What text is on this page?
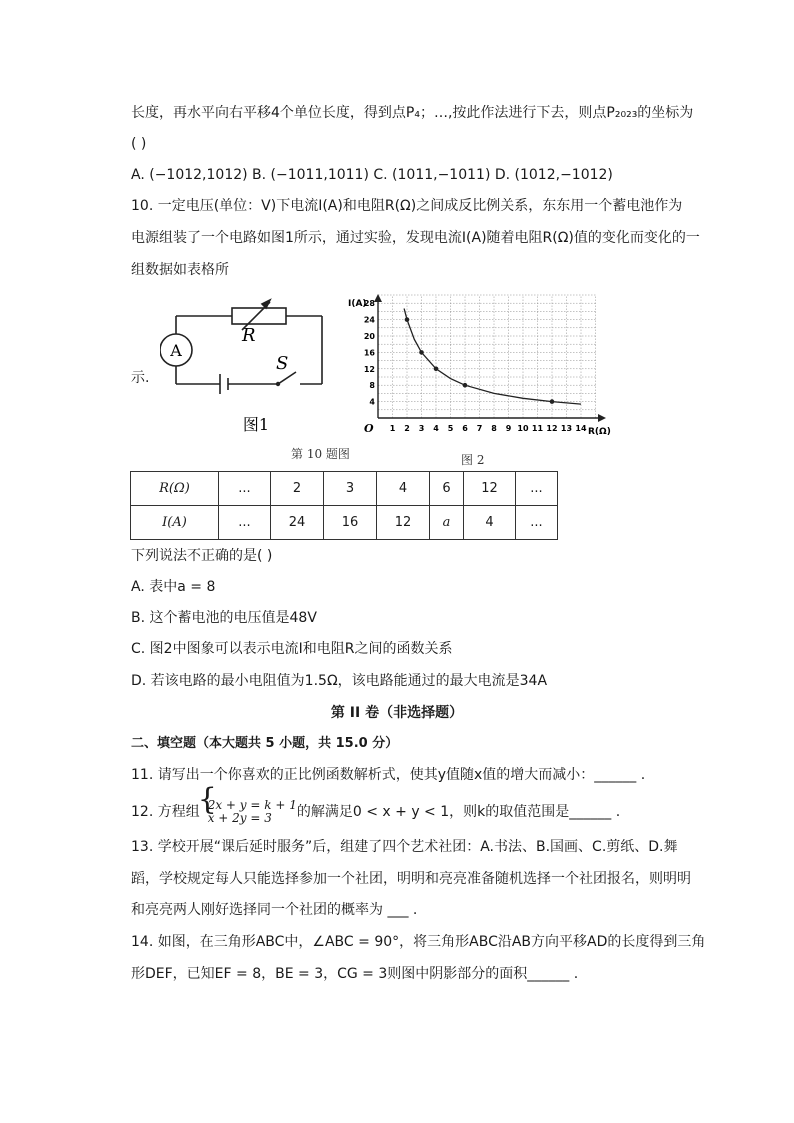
长度，再水平向右平移4个单位长度，得到点P₄；…,按此作法进行下去，则点P₂₀₂₃的坐标为
( )
A. (−1012,1012) B. (−1011,1011) C. (1011,−1011) D. (1012,−1012)
10. 一定电压(单位：V)下电流I(A)和电阻R(Ω)之间成反比例关系，东东用一个蓄电池作为
电源组装了一个电路如图1所示，通过实验，发现电流I(A)随着电阻R(Ω)值的变化而变化的一
组数据如表格所
示.
A
R
S
图1
第 10 题图
4
8
12
16
20
24
28
1 2 3 4 5 6 7 8 9 10 11 12 13 14
I(A)
R(Ω)
O
图 2
R(Ω)	...	2	3	4	6	12	...
I(A)	...	24	16	12	a	4	...
下列说法不正确的是( )
A. 表中a = 8
B. 这个蓄电池的电压值是48V
C. 图2中图象可以表示电流I和电阻R之间的函数关系
D. 若该电路的最小电阻值为1.5Ω，该电路能通过的最大电流是34A
第 II 卷（非选择题）
二、填空题（本大题共 5 小题，共 15.0 分）
11. 请写出一个你喜欢的正比例函数解析式，使其y值随x值的增大而减小：______ .
12. 方程组 { 2x + y = k + 1
x + 2y = 3 的解满足0 < x + y < 1，则k的取值范围是______ .
13. 学校开展“课后延时服务”后，组建了四个艺术社团：A.书法、B.国画、C.剪纸、D.舞
蹈，学校规定每人只能选择参加一个社团，明明和亮亮准备随机选择一个社团报名，则明明
和亮亮两人刚好选择同一个社团的概率为 ___ .
14. 如图，在三角形ABC中，∠ABC = 90°，将三角形ABC沿AB方向平移AD的长度得到三角
形DEF，已知EF = 8，BE = 3，CG = 3则图中阴影部分的面积______ .
